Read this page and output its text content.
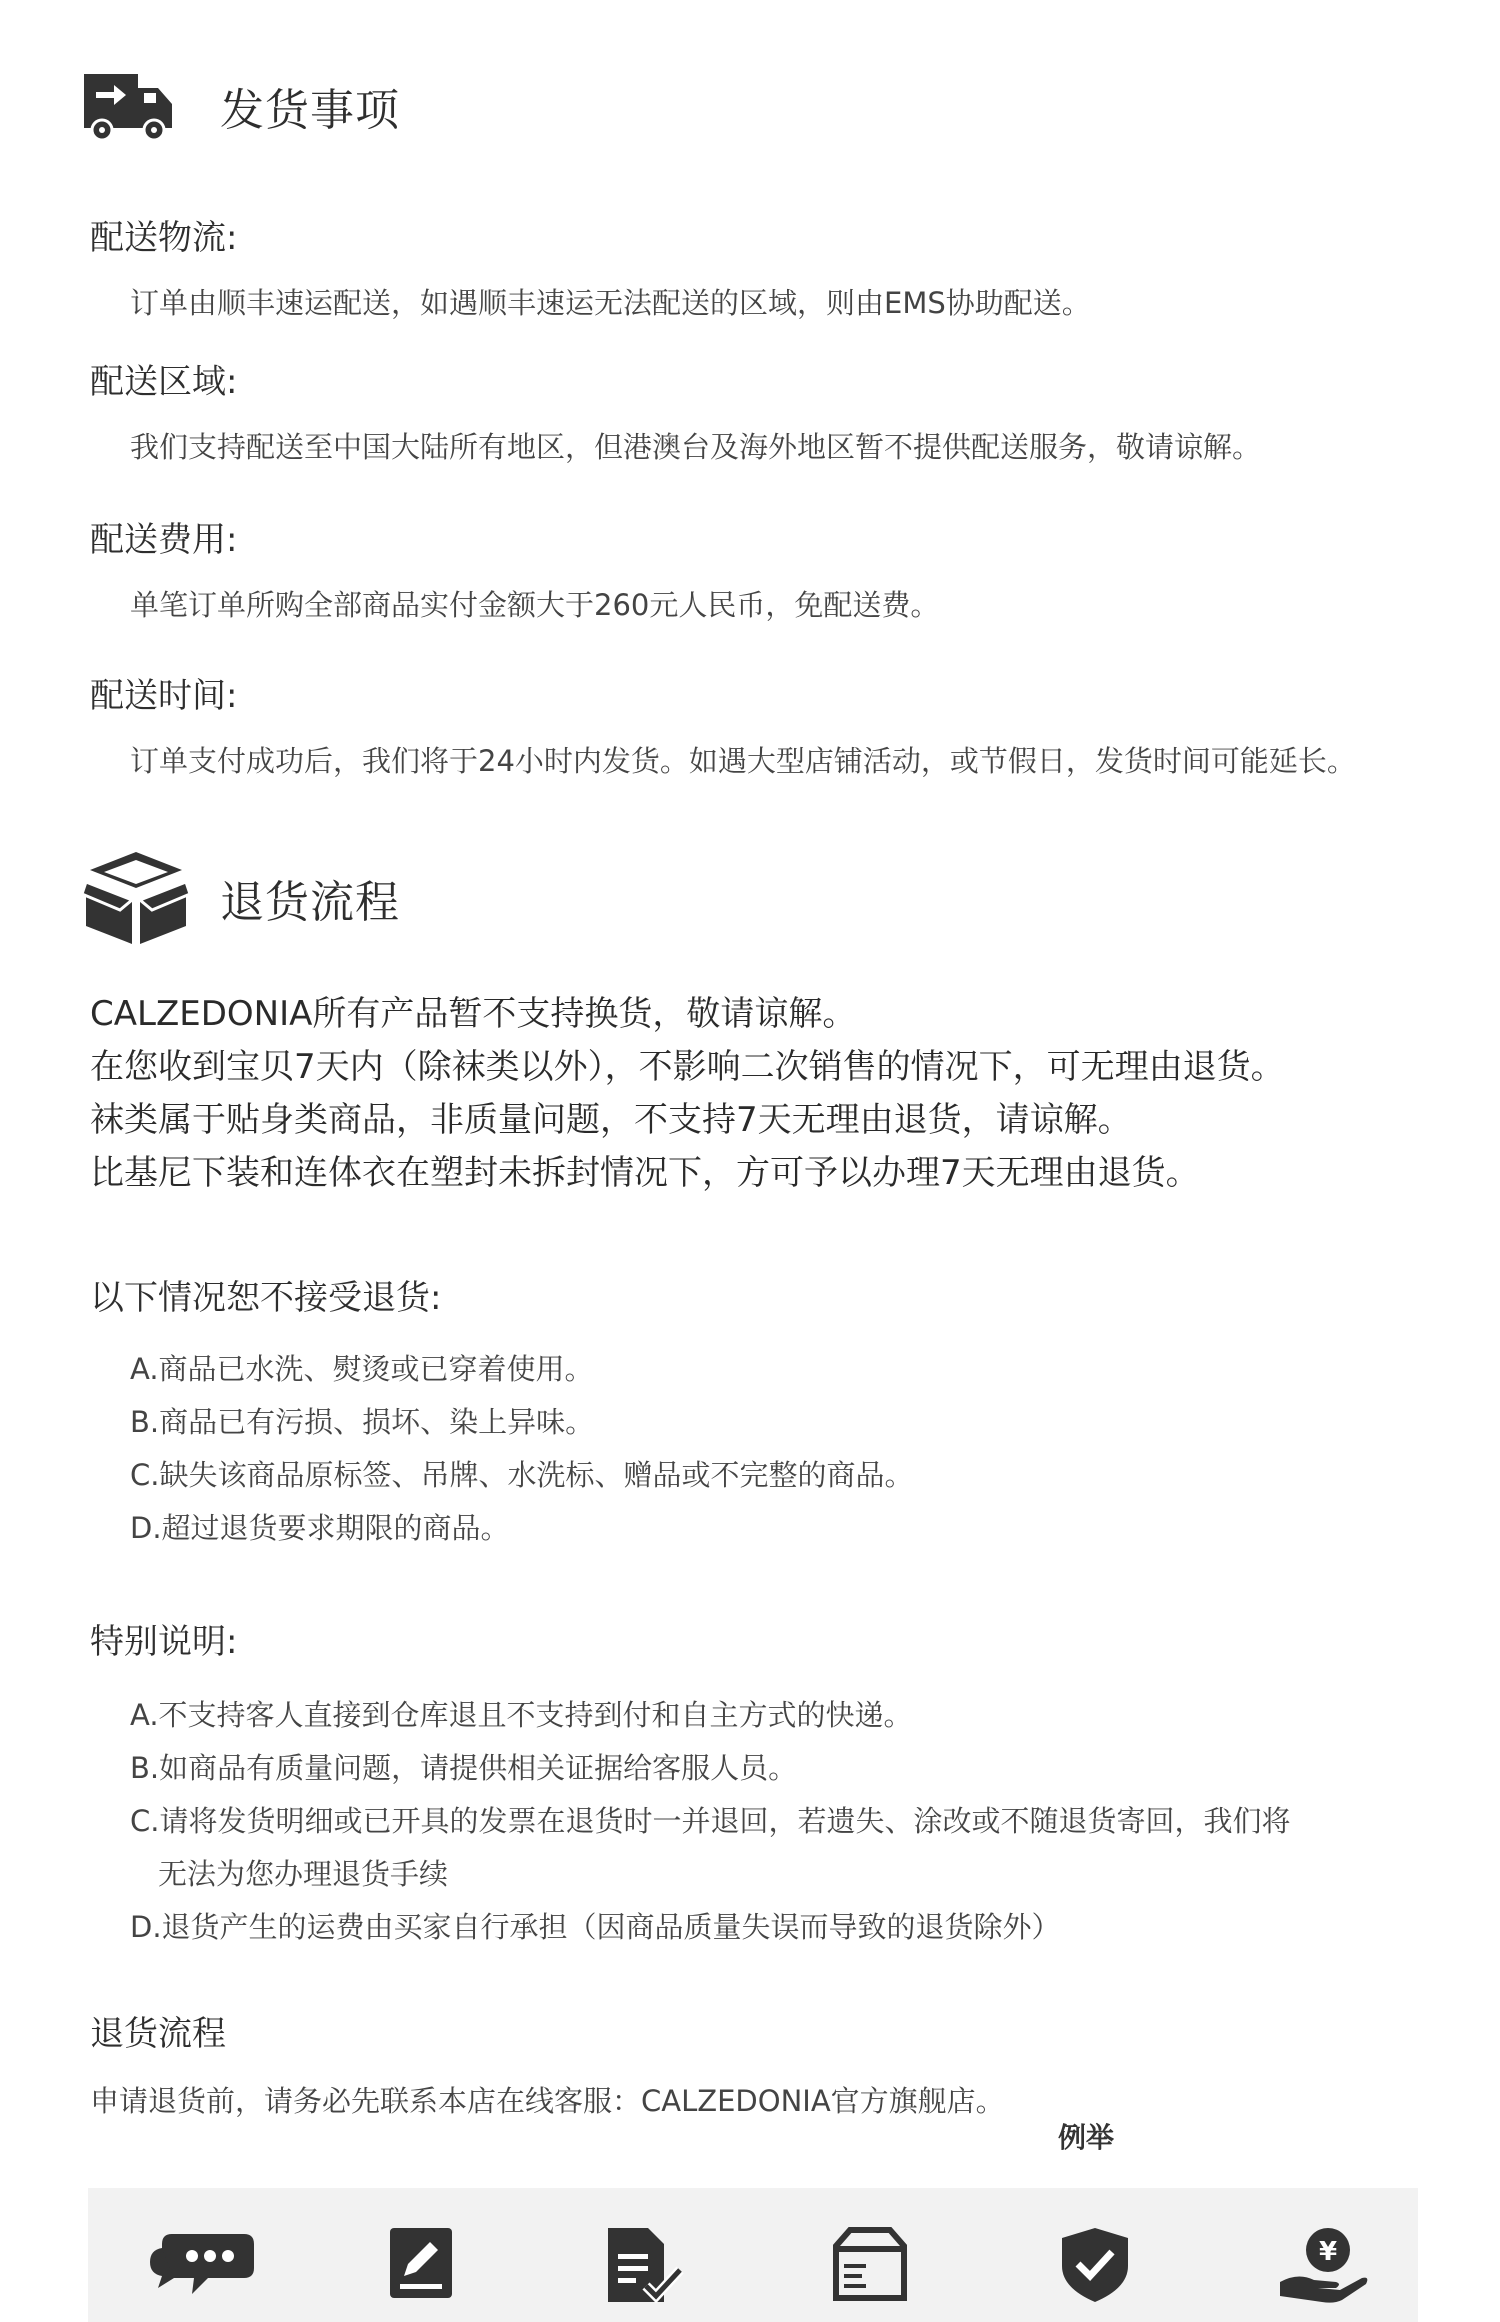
发货事项
配送物流:
订单由顺丰速运配送，如遇顺丰速运无法配送的区域，则由EMS协助配送。
配送区域:
我们支持配送至中国大陆所有地区，但港澳台及海外地区暂不提供配送服务，敬请谅解。
配送费用:
单笔订单所购全部商品实付金额大于260元人民币，免配送费。
配送时间:
订单支付成功后，我们将于24小时内发货。如遇大型店铺活动，或节假日，发货时间可能延长。
退货流程
CALZEDONIA所有产品暂不支持换货，敬请谅解。
在您收到宝贝7天内（除袜类以外），不影响二次销售的情况下，可无理由退货。
袜类属于贴身类商品，非质量问题，不支持7天无理由退货，请谅解。
比基尼下装和连体衣在塑封未拆封情况下，方可予以办理7天无理由退货。
以下情况恕不接受退货:
A.商品已水洗、熨烫或已穿着使用。
B.商品已有污损、损坏、染上异味。
C.缺失该商品原标签、吊牌、水洗标、赠品或不完整的商品。
D.超过退货要求期限的商品。
特别说明:
A.不支持客人直接到仓库退且不支持到付和自主方式的快递。
B.如商品有质量问题，请提供相关证据给客服人员。
C.请将发货明细或已开具的发票在退货时一并退回，若遗失、涂改或不随退货寄回，我们将
无法为您办理退货手续
D.退货产生的运费由买家自行承担（因商品质量失误而导致的退货除外）
退货流程
申请退货前，请务必先联系本店在线客服：CALZEDONIA官方旗舰店。
例举
¥
